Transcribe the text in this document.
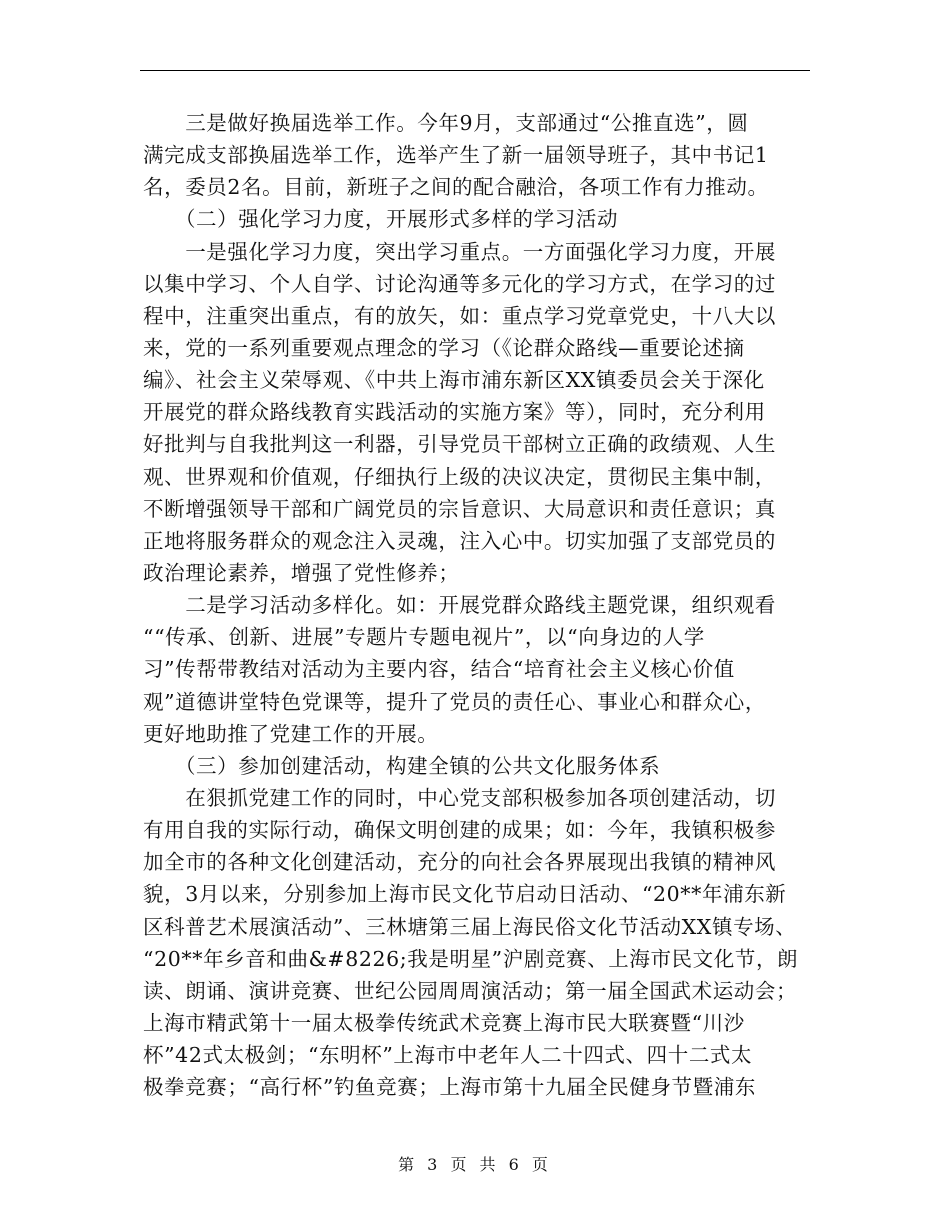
　　三是做好换届选举工作。今年9月，支部通过“公推直选”，圆
满完成支部换届选举工作，选举产生了新一届领导班子，其中书记1
名，委员2名。目前，新班子之间的配合融洽，各项工作有力推动。
　　（二）强化学习力度，开展形式多样的学习活动
　　一是强化学习力度，突出学习重点。一方面强化学习力度，开展
以集中学习、个人自学、讨论沟通等多元化的学习方式，在学习的过
程中，注重突出重点，有的放矢，如：重点学习党章党史，十八大以
来，党的一系列重要观点理念的学习（《论群众路线—重要论述摘
编》、社会主义荣辱观、《中共上海市浦东新区XX镇委员会关于深化
开展党的群众路线教育实践活动的实施方案》等），同时，充分利用
好批判与自我批判这一利器，引导党员干部树立正确的政绩观、人生
观、世界观和价值观，仔细执行上级的决议决定，贯彻民主集中制，
不断增强领导干部和广阔党员的宗旨意识、大局意识和责任意识；真
正地将服务群众的观念注入灵魂，注入心中。切实加强了支部党员的
政治理论素养，增强了党性修养；
　　二是学习活动多样化。如：开展党群众路线主题党课，组织观看
““传承、创新、进展”专题片专题电视片”，以“向身边的人学
习”传帮带教结对活动为主要内容，结合“培育社会主义核心价值
观”道德讲堂特色党课等，提升了党员的责任心、事业心和群众心，
更好地助推了党建工作的开展。
　　（三）参加创建活动，构建全镇的公共文化服务体系
　　在狠抓党建工作的同时，中心党支部积极参加各项创建活动，切
有用自我的实际行动，确保文明创建的成果；如：今年，我镇积极参
加全市的各种文化创建活动，充分的向社会各界展现出我镇的精神风
貌，3月以来，分别参加上海市民文化节启动日活动、“20**年浦东新
区科普艺术展演活动”、三林塘第三届上海民俗文化节活动XX镇专场、
“20**年乡音和曲&#8226;我是明星”沪剧竞赛、上海市民文化节，朗
读、朗诵、演讲竞赛、世纪公园周周演活动；第一届全国武术运动会；
上海市精武第十一届太极拳传统武术竞赛上海市民大联赛暨“川沙
杯”42式太极剑；“东明杯”上海市中老年人二十四式、四十二式太
极拳竞赛；“高行杯”钓鱼竞赛；上海市第十九届全民健身节暨浦东
第 3 页 共 6 页
